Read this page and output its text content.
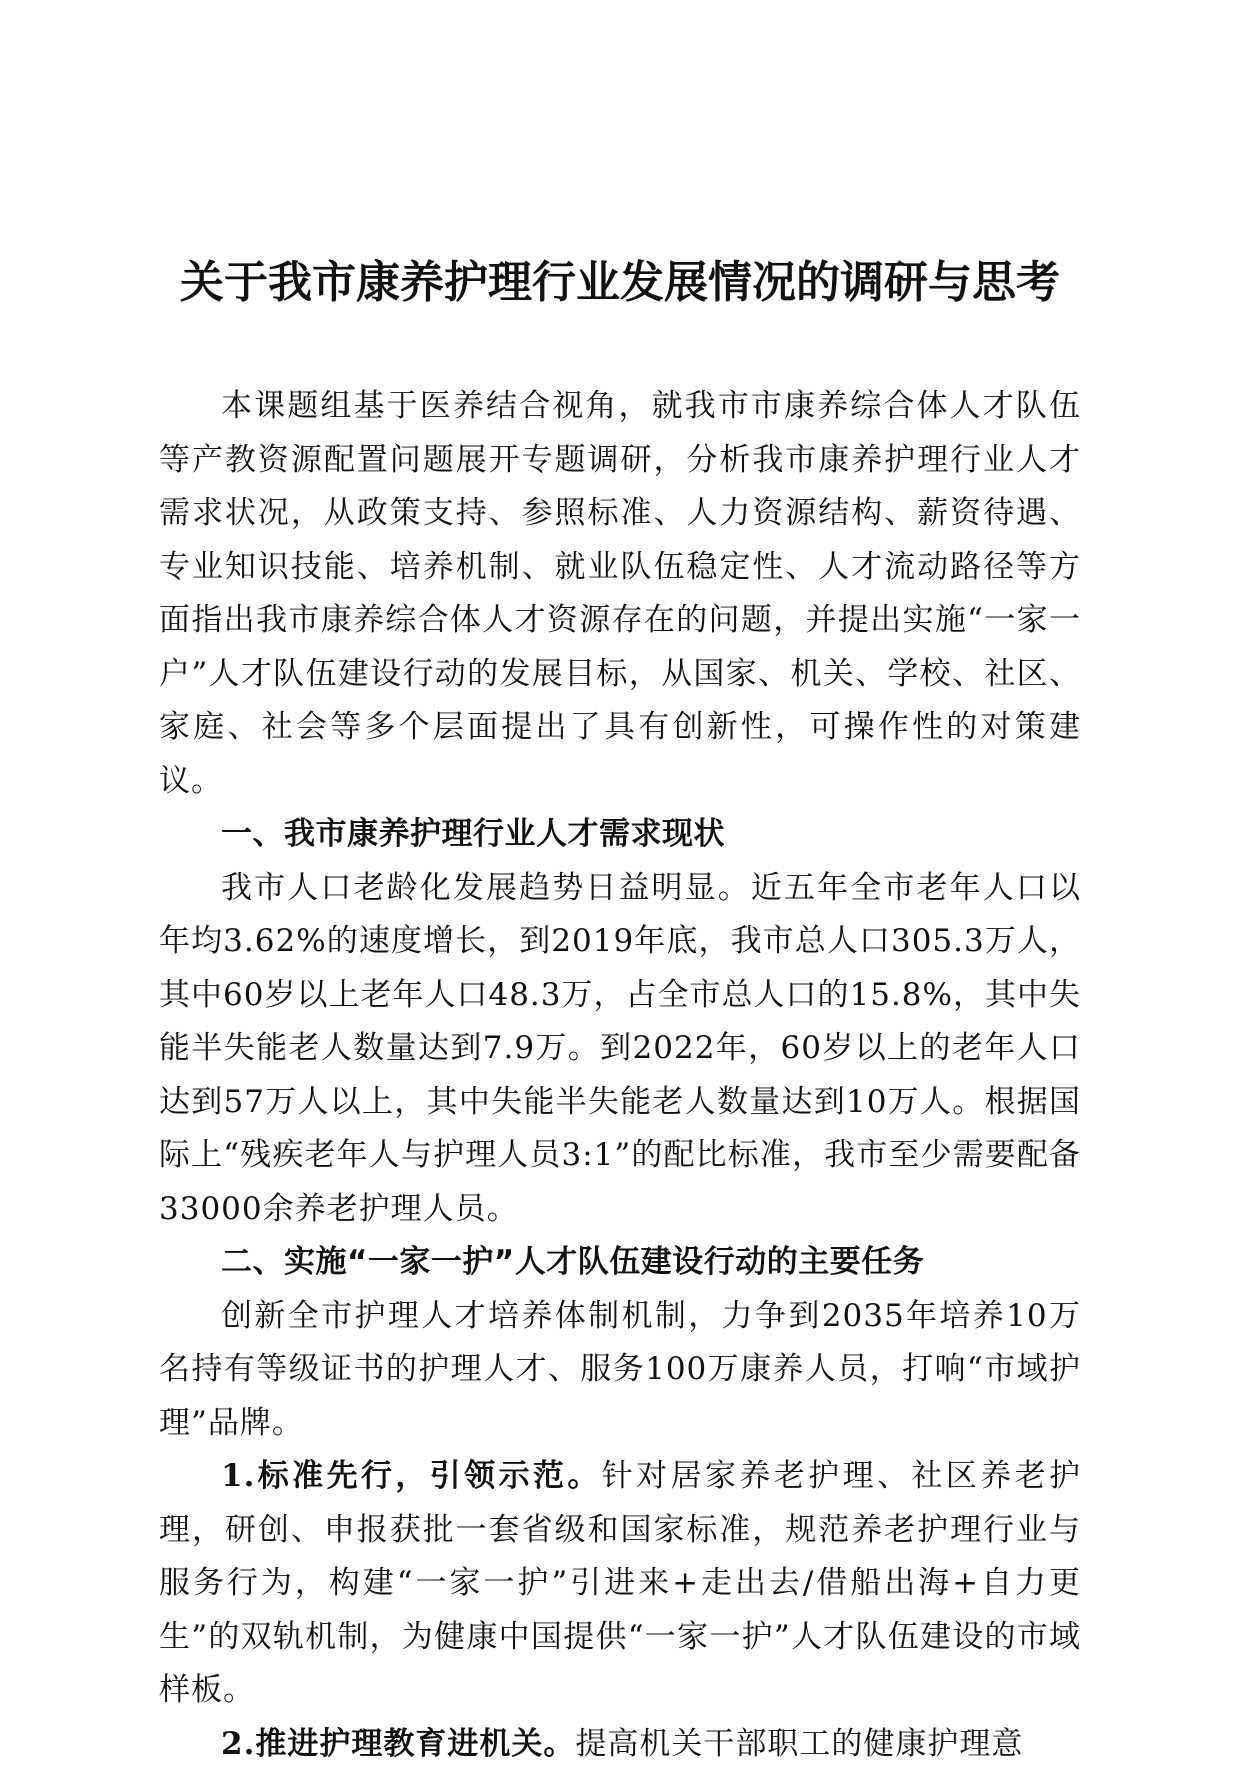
关于我市康养护理行业发展情况的调研与思考

本课题组基于医养结合视角，就我市市康养综合体人才队伍等产教资源配置问题展开专题调研，分析我市康养护理行业人才需求状况，从政策支持、参照标准、人力资源结构、薪资待遇、专业知识技能、培养机制、就业队伍稳定性、人才流动路径等方面指出我市康养综合体人才资源存在的问题，并提出实施“一家一户”人才队伍建设行动的发展目标，从国家、机关、学校、社区、家庭、社会等多个层面提出了具有创新性，可操作性的对策建议。

一、我市康养护理行业人才需求现状

我市人口老龄化发展趋势日益明显。近五年全市老年人口以年均3.62%的速度增长，到2019年底，我市总人口305.3万人，其中60岁以上老年人口48.3万，占全市总人口的15.8%，其中失能半失能老人数量达到7.9万。到2022年，60岁以上的老年人口达到57万人以上，其中失能半失能老人数量达到10万人。根据国际上“残疾老年人与护理人员3:1”的配比标准，我市至少需要配备33000余养老护理人员。

二、实施“一家一护”人才队伍建设行动的主要任务

创新全市护理人才培养体制机制，力争到2035年培养10万名持有等级证书的护理人才、服务100万康养人员，打响“市域护理”品牌。

1.标准先行，引领示范。针对居家养老护理、社区养老护理，研创、申报获批一套省级和国家标准，规范养老护理行业与服务行为，构建“一家一护”引进来+走出去/借船出海+自力更生”的双轨机制，为健康中国提供“一家一护”人才队伍建设的市域样板。

2.推进护理教育进机关。提高机关干部职工的健康护理意
